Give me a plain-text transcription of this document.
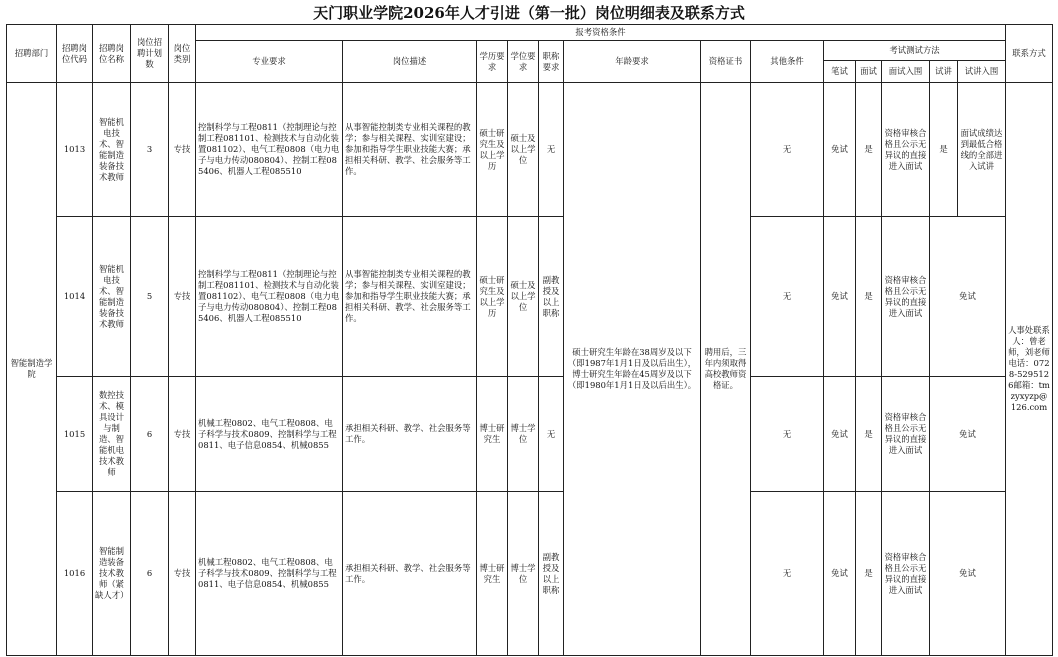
天门职业学院2026年人才引进（第一批）岗位明细表及联系方式
招聘部门	招聘岗位代码	招聘岗位名称	岗位招聘计划数	岗位类别	报考资格条件													联系方式
					专业要求	岗位描述	学历要求	学位要求	职称要求	年龄要求	资格证书	其他条件	考试测试方法					
													笔试	面试	面试入围	试讲	试讲入围	
智能制造学院	1013	智能机电技术、智能制造装备技术教师	3	专技	控制科学与工程0811（控制理论与控制工程081101、检测技术与自动化装置081102）、电气工程0808（电力电子与电力传动080804）、控制工程085406、机器人工程085510	从事智能控制类专业相关课程的教学；参与相关课程、实训室建设；参加和指导学生职业技能大赛；承担相关科研、教学、社会服务等工作。	硕士研究生及以上学历	硕士及以上学位	无	硕士研究生年龄在38周岁及以下（即1987年1月1日及以后出生），博士研究生年龄在45周岁及以下（即1980年1月1日及以后出生）。	聘用后，三年内须取得高校教师资格证。	无	免试	是	资格审核合格且公示无异议的直接进入面试	是	面试成绩达到最低合格线的全部进入试讲	人事处联系人：曾老师，刘老师电话：0728-5295126邮箱：tmzyxyzp@126.com
	1014	智能机电技术、智能制造装备技术教师	5	专技	控制科学与工程0811（控制理论与控制工程081101、检测技术与自动化装置081102）、电气工程0808（电力电子与电力传动080804）、控制工程085406、机器人工程085510	从事智能控制类专业相关课程的教学；参与相关课程、实训室建设；参加和指导学生职业技能大赛；承担相关科研、教学、社会服务等工作。	硕士研究生及以上学历	硕士及以上学位	副教授及以上职称			无	免试	是	资格审核合格且公示无异议的直接进入面试	免试		
	1015	数控技术、模具设计与制造、智能机电技术教师	6	专技	机械工程0802、电气工程0808、电子科学与技术0809、控制科学与工程0811、电子信息0854、机械0855	承担相关科研、教学、社会服务等工作。	博士研究生	博士学位	无			无	免试	是	资格审核合格且公示无异议的直接进入面试	免试		
	1016	智能制造装备技术教师（紧缺人才）	6	专技	机械工程0802、电气工程0808、电子科学与技术0809、控制科学与工程0811、电子信息0854、机械0855	承担相关科研、教学、社会服务等工作。	博士研究生	博士学位	副教授及以上职称			无	免试	是	资格审核合格且公示无异议的直接进入面试	免试		
